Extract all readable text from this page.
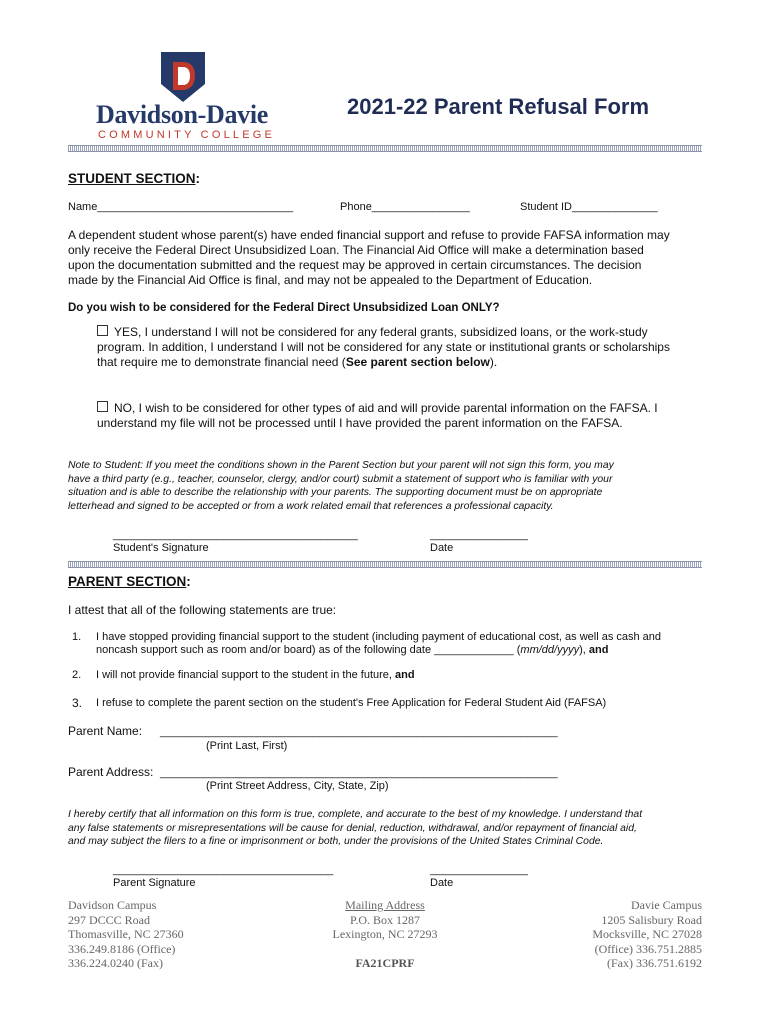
Davidson-Davie
COMMUNITY COLLEGE
2021-22 Parent Refusal Form
STUDENT SECTION:
Name________________________________	Phone________________	Student ID______________
A dependent student whose parent(s) have ended financial support and refuse to provide FAFSA information may
only receive the Federal Direct Unsubsidized Loan. The Financial Aid Office will make a determination based
upon the documentation submitted and the request may be approved in certain circumstances. The decision
made by the Financial Aid Office is final, and may not be appealed to the Department of Education.
Do you wish to be considered for the Federal Direct Unsubsidized Loan ONLY?
YES, I understand I will not be considered for any federal grants, subsidized loans, or the work-study
program. In addition, I understand I will not be considered for any state or institutional grants or scholarships
that require me to demonstrate financial need (See parent section below).
NO, I wish to be considered for other types of aid and will provide parental information on the FAFSA. I
understand my file will not be processed until I have provided the parent information on the FAFSA.
Note to Student: If you meet the conditions shown in the Parent Section but your parent will not sign this form, you may
have a third party (e.g., teacher, counselor, clergy, and/or court) submit a statement of support who is familiar with your
situation and is able to describe the relationship with your parents. The supporting document must be on appropriate
letterhead and signed to be accepted or from a work related email that references a professional capacity.
________________________________________	________________
Student's Signature	Date
PARENT SECTION:
I attest that all of the following statements are true:
1. I have stopped providing financial support to the student (including payment of educational cost, as well as cash and
noncash support such as room and/or board) as of the following date _____________ (mm/dd/yyyy), and
2. I will not provide financial support to the student in the future, and
3. I refuse to complete the parent section on the student's Free Application for Federal Student Aid (FAFSA)
Parent Name: _________________________________________________________________
(Print Last, First)
Parent Address: _________________________________________________________________
(Print Street Address, City, State, Zip)
I hereby certify that all information on this form is true, complete, and accurate to the best of my knowledge. I understand that
any false statements or misrepresentations will be cause for denial, reduction, withdrawal, and/or repayment of financial aid,
and may subject the filers to a fine or imprisonment or both, under the provisions of the United States Criminal Code.
____________________________________	________________
Parent Signature	Date
Davidson Campus
297 DCCC Road
Thomasville, NC 27360
336.249.8186 (Office)
336.224.0240 (Fax)
Mailing Address
P.O. Box 1287
Lexington, NC 27293
FA21CPRF
Davie Campus
1205 Salisbury Road
Mocksville, NC 27028
(Office) 336.751.2885
(Fax) 336.751.6192
